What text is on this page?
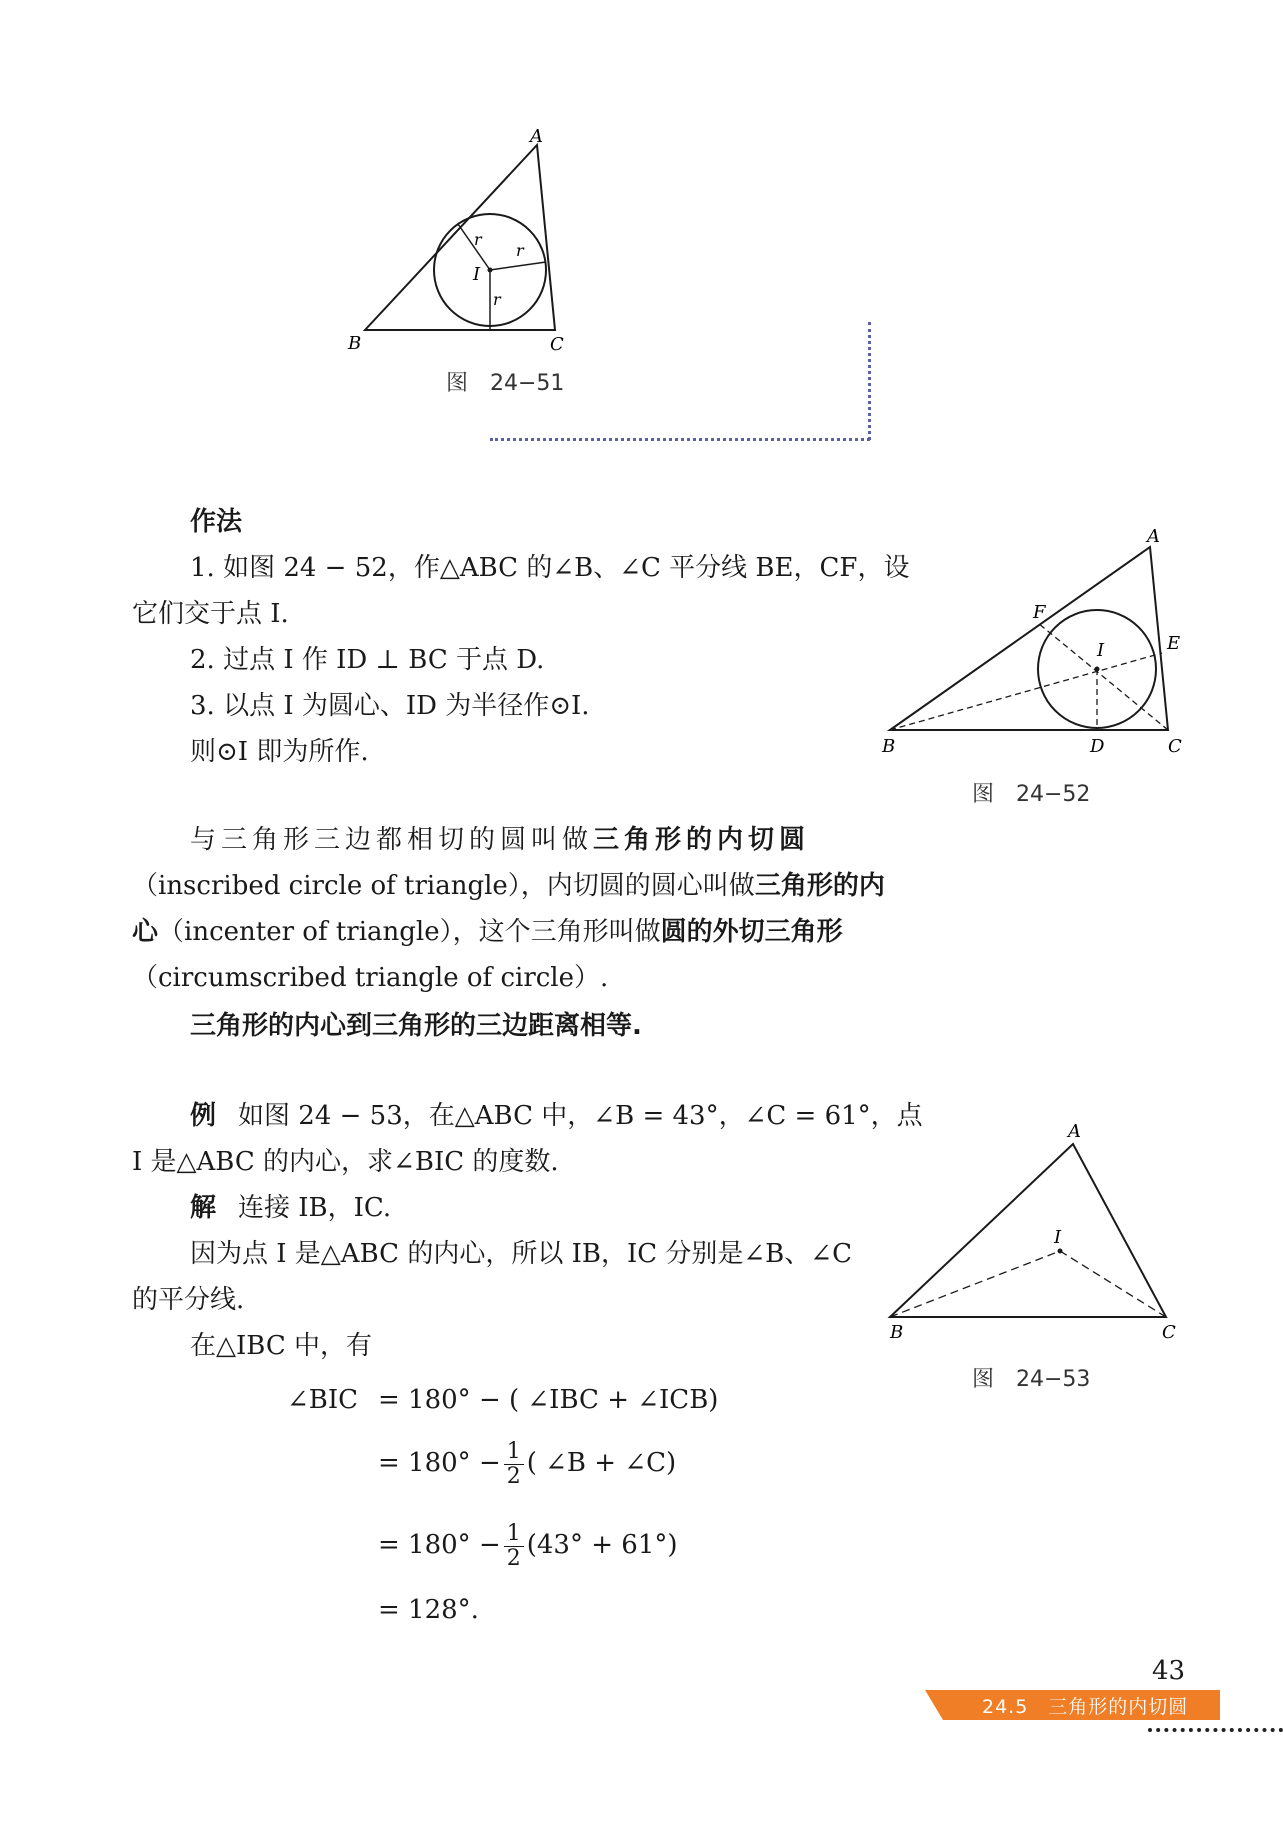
A
B	C
I
r
r
r
图　24−51
作法
1. 如图 24 − 52，作△ABC 的∠B、∠C 平分线 BE，CF，设
它们交于点 I.
2. 过点 I 作 ID ⊥ BC 于点 D.
3. 以点 I 为圆心、ID 为半径作⊙I.
则⊙I 即为所作.
A
B	C
D
E
F
I
图　24−52
与三角形三边都相切的圆叫做三角形的内切圆
（inscribed circle of triangle），内切圆的圆心叫做三角形的内
心（incenter of triangle），这个三角形叫做圆的外切三角形
（circumscribed triangle of circle）.
三角形的内心到三角形的三边距离相等.
例 如图 24 − 53，在△ABC 中，∠B = 43°，∠C = 61°，点
I 是△ABC 的内心，求∠BIC 的度数.
解 连接 IB，IC.
因为点 I 是△ABC 的内心，所以 IB，IC 分别是∠B、∠C
的平分线.
在△IBC 中，有
∠BIC = 180° − ( ∠IBC + ∠ICB)
= $180^\circ - \frac{1}{2}$ ( ∠B + ∠C)
= $180^\circ - \frac{1}{2} (43^\circ + 61^\circ)$
= 128°.
A
B	C
I
图　24−53
43
24.5　三角形的内切圆
